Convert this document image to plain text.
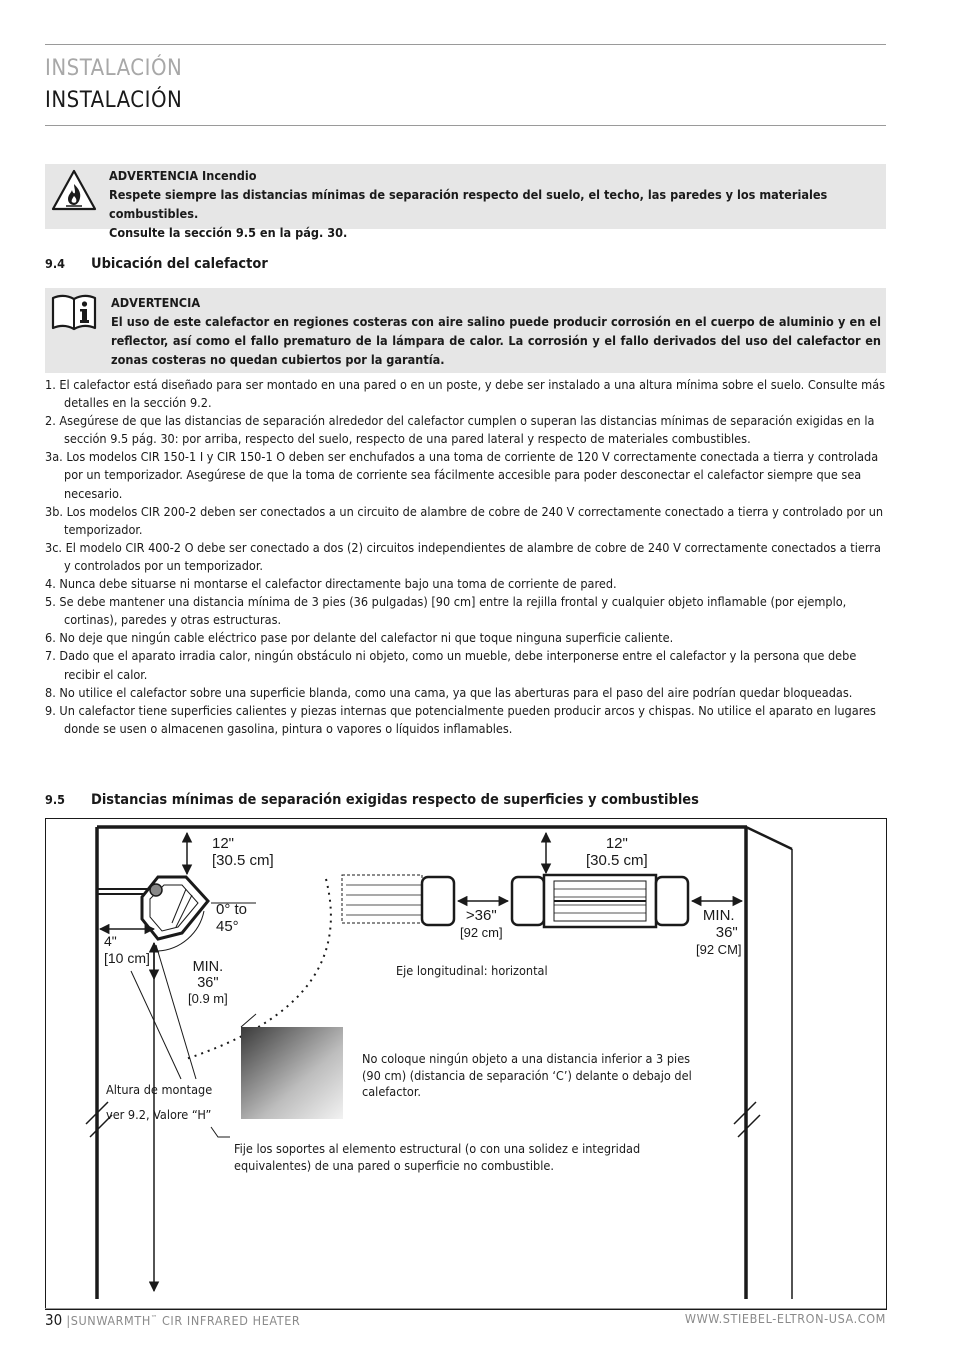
INSTALACIÓN
INSTALACIÓN
ADVERTENCIA Incendio
Respete siempre las distancias mínimas de separación respecto del suelo, el techo, las paredes y los materiales combustibles.
Consulte la sección 9.5 en la pág. 30.
9.4 Ubicación del calefactor
ADVERTENCIA
El uso de este calefactor en regiones costeras con aire salino puede producir corrosión en el cuerpo de aluminio y en el
reflector, así como el fallo prematuro de la lámpara de calor. La corrosión y el fallo derivados del uso del calefactor en
zonas costeras no quedan cubiertos por la garantía.
1. El calefactor está diseñado para ser montado en una pared o en un poste, y debe ser instalado a una altura mínima sobre el suelo. Consulte más detalles en la sección 9.2.
2. Asegúrese de que las distancias de separación alrededor del calefactor cumplen o superan las distancias mínimas de separación exigidas en la sección 9.5 pág. 30: por arriba, respecto del suelo, respecto de una pared lateral y respecto de materiales combustibles.
3a. Los modelos CIR 150-1 I y CIR 150-1 O deben ser enchufados a una toma de corriente de 120 V correctamente conectada a tierra y controlada por un temporizador. Asegúrese de que la toma de corriente sea fácilmente accesible para poder desconectar el calefactor siempre que sea necesario.
3b. Los modelos CIR 200-2 deben ser conectados a un circuito de alambre de cobre de 240 V correctamente conectado a tierra y controlado por un temporizador.
3c. El modelo CIR 400-2 O debe ser conectado a dos (2) circuitos independientes de alambre de cobre de 240 V correctamente conectados a tierra y controlados por un temporizador.
4. Nunca debe situarse ni montarse el calefactor directamente bajo una toma de corriente de pared.
5. Se debe mantener una distancia mínima de 3 pies (36 pulgadas) [90 cm] entre la rejilla frontal y cualquier objeto inflamable (por ejemplo, cortinas), paredes y otras estructuras.
6. No deje que ningún cable eléctrico pase por delante del calefactor ni que toque ninguna superficie caliente.
7. Dado que el aparato irradia calor, ningún obstáculo ni objeto, como un mueble, debe interponerse entre el calefactor y la persona que debe recibir el calor.
8. No utilice el calefactor sobre una superficie blanda, como una cama, ya que las aberturas para el paso del aire podrían quedar bloqueadas.
9. Un calefactor tiene superficies calientes y piezas internas que potencialmente pueden producir arcos y chispas. No utilice el aparato en lugares donde se usen o almacenen gasolina, pintura o vapores o líquidos inflamables.
9.5 Distancias mínimas de separación exigidas respecto de superficies y combustibles
12"
[30.5 cm]
0° to
45°
4"
[10 cm]
MIN.
36"
[0.9 m]
12"
[30.5 cm]
>36"
[92 cm]
MIN.
36"
[92 CM]
Eje longitudinal: horizontal
No coloque ningún objeto a una distancia inferior a 3 pies (90 cm) (distancia de separación ‘C’) delante o debajo del calefactor.
Altura de montage
ver 9.2, Valore “H”
Fije los soportes al elemento estructural (o con una solidez e integridad equivalentes) de una pared o superficie no combustible.
30 |SUNWARMTH™ CIR INFRARED HEATER	WWW.STIEBEL-ELTRON-USA.COM
